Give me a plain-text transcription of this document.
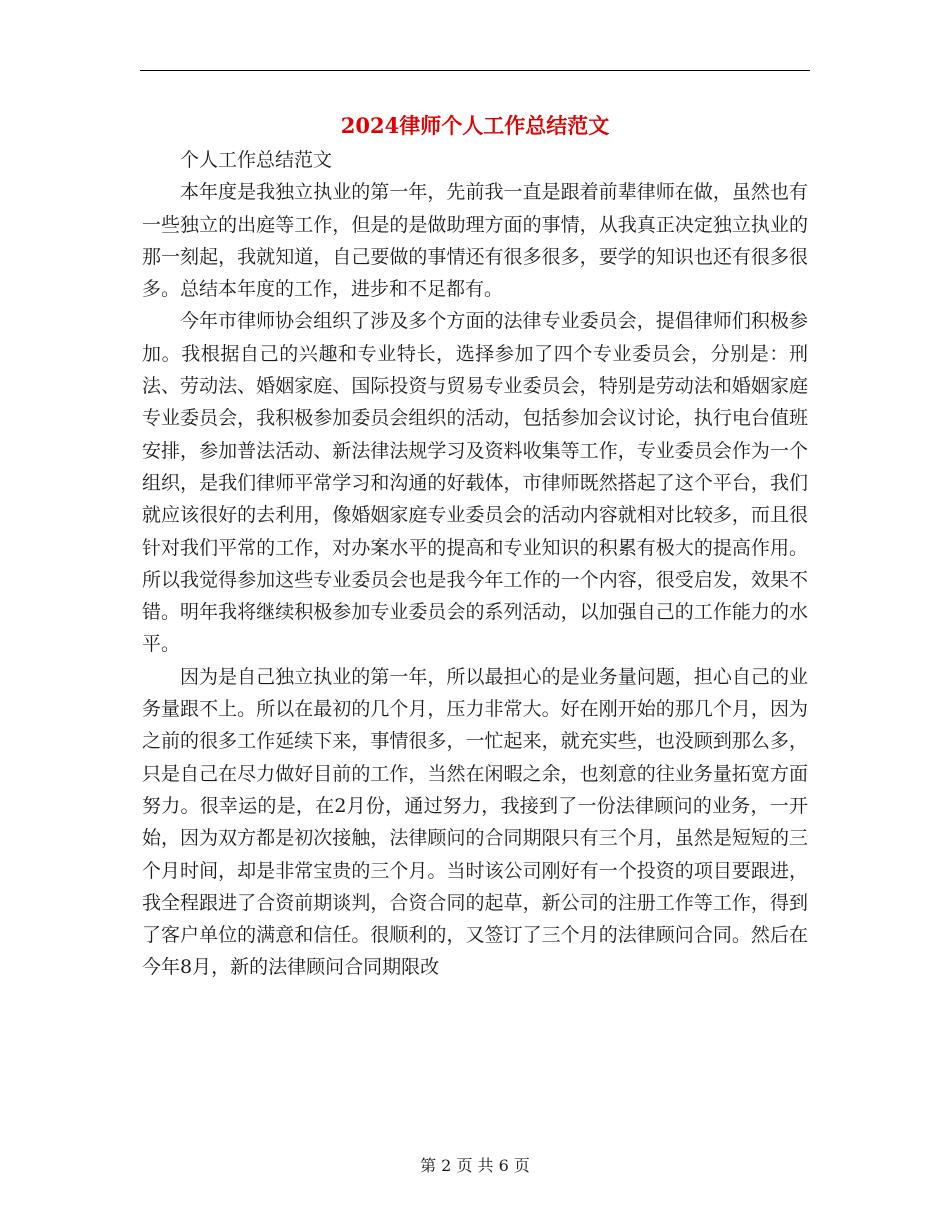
2024律师个人工作总结范文

个人工作总结范文

本年度是我独立执业的第一年，先前我一直是跟着前辈律师在做，虽然也有一些独立的出庭等工作，但是的是做助理方面的事情，从我真正决定独立执业的那一刻起，我就知道，自己要做的事情还有很多很多，要学的知识也还有很多很多。总结本年度的工作，进步和不足都有。

今年市律师协会组织了涉及多个方面的法律专业委员会，提倡律师们积极参加。我根据自己的兴趣和专业特长，选择参加了四个专业委员会，分别是：刑法、劳动法、婚姻家庭、国际投资与贸易专业委员会，特别是劳动法和婚姻家庭专业委员会，我积极参加委员会组织的活动，包括参加会议讨论，执行电台值班安排，参加普法活动、新法律法规学习及资料收集等工作，专业委员会作为一个组织，是我们律师平常学习和沟通的好载体，市律师既然搭起了这个平台，我们就应该很好的去利用，像婚姻家庭专业委员会的活动内容就相对比较多，而且很针对我们平常的工作，对办案水平的提高和专业知识的积累有极大的提高作用。所以我觉得参加这些专业委员会也是我今年工作的一个内容，很受启发，效果不错。明年我将继续积极参加专业委员会的系列活动，以加强自己的工作能力的水平。

因为是自己独立执业的第一年，所以最担心的是业务量问题，担心自己的业务量跟不上。所以在最初的几个月，压力非常大。好在刚开始的那几个月，因为之前的很多工作延续下来，事情很多，一忙起来，就充实些，也没顾到那么多，只是自己在尽力做好目前的工作，当然在闲暇之余，也刻意的往业务量拓宽方面努力。很幸运的是，在2月份，通过努力，我接到了一份法律顾问的业务，一开始，因为双方都是初次接触，法律顾问的合同期限只有三个月，虽然是短短的三个月时间，却是非常宝贵的三个月。当时该公司刚好有一个投资的项目要跟进，我全程跟进了合资前期谈判，合资合同的起草，新公司的注册工作等工作，得到了客户单位的满意和信任。很顺利的，又签订了三个月的法律顾问合同。然后在今年8月，新的法律顾问合同期限改

第 2 页 共 6 页
